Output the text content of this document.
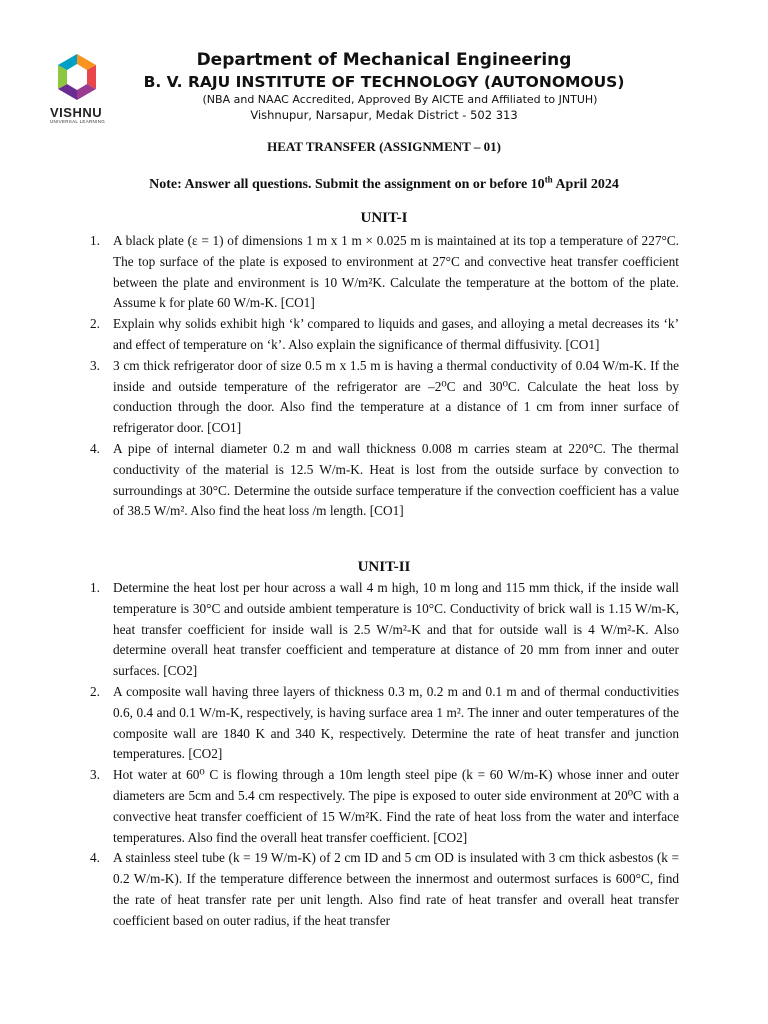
VISHNU
UNIVERSAL LEARNING
Department of Mechanical Engineering
B. V. RAJU INSTITUTE OF TECHNOLOGY (AUTONOMOUS)
(NBA and NAAC Accredited, Approved By AICTE and Affiliated to JNTUH)
Vishnupur, Narsapur, Medak District - 502 313
HEAT TRANSFER (ASSIGNMENT – 01)
Note: Answer all questions. Submit the assignment on or before 10th April 2024
UNIT-I
1. A black plate (ε = 1) of dimensions 1 m x 1 m × 0.025 m is maintained at its top a temperature of 227°C. The top surface of the plate is exposed to environment at 27°C and convective heat transfer coefficient between the plate and environment is 10 W/m²K. Calculate the temperature at the bottom of the plate. Assume k for plate 60 W/m-K. [CO1]
2. Explain why solids exhibit high ‘k’ compared to liquids and gases, and alloying a metal decreases its ‘k’ and effect of temperature on ‘k’. Also explain the significance of thermal diffusivity. [CO1]
3. 3 cm thick refrigerator door of size 0.5 m x 1.5 m is having a thermal conductivity of 0.04 W/m-K. If the inside and outside temperature of the refrigerator are –2⁰C and 30⁰C. Calculate the heat loss by conduction through the door. Also find the temperature at a distance of 1 cm from inner surface of refrigerator door. [CO1]
4. A pipe of internal diameter 0.2 m and wall thickness 0.008 m carries steam at 220°C. The thermal conductivity of the material is 12.5 W/m-K. Heat is lost from the outside surface by convection to surroundings at 30°C. Determine the outside surface temperature if the convection coefficient has a value of 38.5 W/m². Also find the heat loss /m length. [CO1]
UNIT-II
1. Determine the heat lost per hour across a wall 4 m high, 10 m long and 115 mm thick, if the inside wall temperature is 30°C and outside ambient temperature is 10°C. Conductivity of brick wall is 1.15 W/m-K, heat transfer coefficient for inside wall is 2.5 W/m²-K and that for outside wall is 4 W/m²-K. Also determine overall heat transfer coefficient and temperature at distance of 20 mm from inner and outer surfaces. [CO2]
2. A composite wall having three layers of thickness 0.3 m, 0.2 m and 0.1 m and of thermal conductivities 0.6, 0.4 and 0.1 W/m-K, respectively, is having surface area 1 m². The inner and outer temperatures of the composite wall are 1840 K and 340 K, respectively. Determine the rate of heat transfer and junction temperatures. [CO2]
3. Hot water at 60⁰ C is flowing through a 10m length steel pipe (k = 60 W/m-K) whose inner and outer diameters are 5cm and 5.4 cm respectively. The pipe is exposed to outer side environment at 20⁰C with a convective heat transfer coefficient of 15 W/m²K. Find the rate of heat loss from the water and interface temperatures. Also find the overall heat transfer coefficient. [CO2]
4. A stainless steel tube (k = 19 W/m-K) of 2 cm ID and 5 cm OD is insulated with 3 cm thick asbestos (k = 0.2 W/m-K). If the temperature difference between the innermost and outermost surfaces is 600°C, find the rate of heat transfer rate per unit length. Also find rate of heat transfer and overall heat transfer coefficient based on outer radius, if the heat transfer
